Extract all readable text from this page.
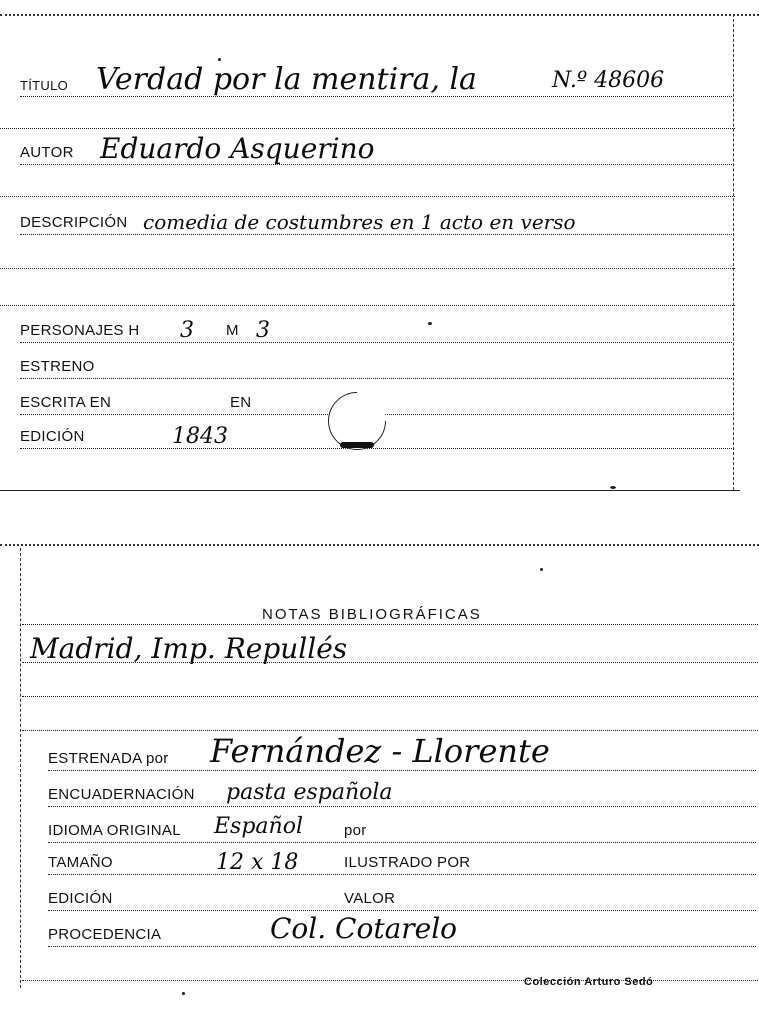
TÍTULO Verdad por la mentira, la	N.º 48606
AUTOR Eduardo Asquerino
DESCRIPCIÓN comedia de costumbres en 1 acto en verso
PERSONAJES H 3 M 3
ESTRENO
ESCRITA EN	EN
EDICIÓN	1843
NOTAS BIBLIOGRÁFICAS
Madrid, Imp. Repullés
ESTRENADA por Fernández - Llorente
ENCUADERNACIÓN pasta española
IDIOMA ORIGINAL Español	por
TAMAÑO	12 x 18	ILUSTRADO POR
EDICIÓN	VALOR
PROCEDENCIA	Col. Cotarelo
Colección Arturo Sedó
